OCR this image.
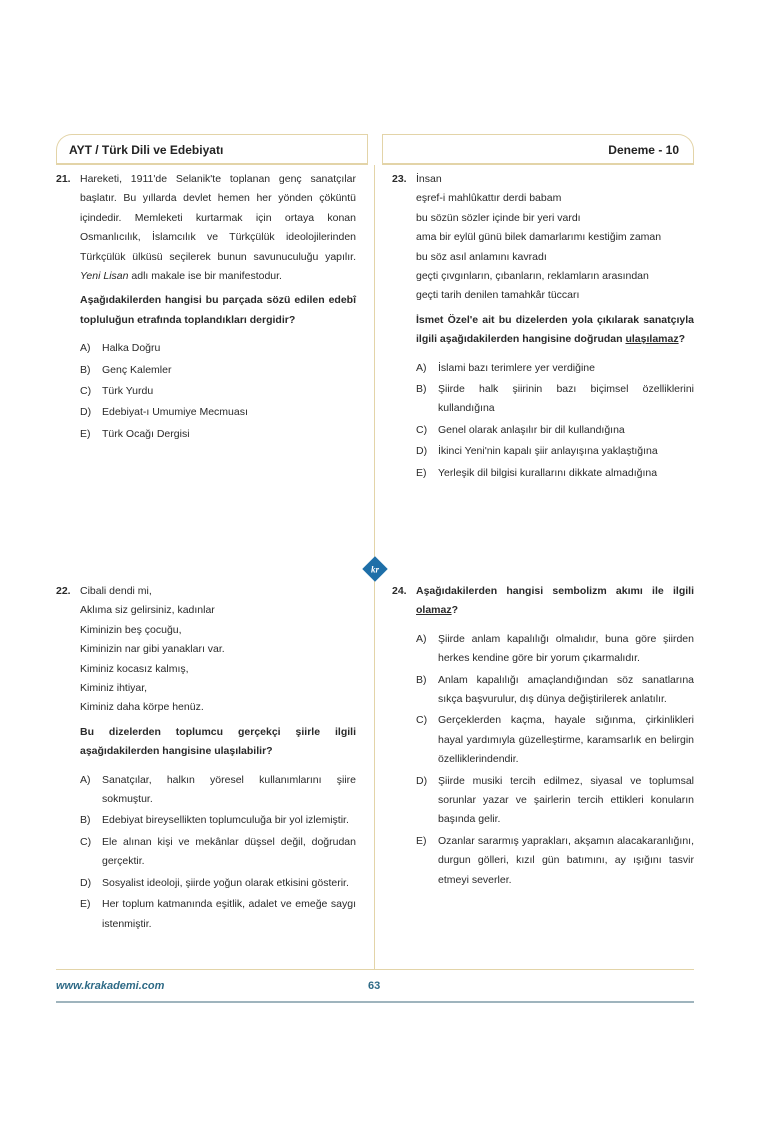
AYT / Türk Dili ve Edebiyatı	Deneme - 10
kr
21. Hareketi, 1911'de Selanik'te toplanan genç sanatçılar başlatır. Bu yıllarda devlet hemen her yönden çöküntü içindedir. Memleketi kurtarmak için ortaya konan Osmanlıcılık, İslamcılık ve Türkçülük ideolojilerinden Türkçülük ülküsü seçilerek bunun savunuculuğu yapılır. Yeni Lisan adlı makale ise bir manifestodur.
Aşağıdakilerden hangisi bu parçada sözü edilen edebî topluluğun etrafında toplandıkları dergidir?
A) Halka Doğru
B) Genç Kalemler
C) Türk Yurdu
D) Edebiyat-ı Umumiye Mecmuası
E) Türk Ocağı Dergisi
22. Cibali dendi mi,
Aklıma siz gelirsiniz, kadınlar
Kiminizin beş çocuğu,
Kiminizin nar gibi yanakları var.
Kiminiz kocasız kalmış,
Kiminiz ihtiyar,
Kiminiz daha körpe henüz.
Bu dizelerden toplumcu gerçekçi şiirle ilgili aşağıdakilerden hangisine ulaşılabilir?
A) Sanatçılar, halkın yöresel kullanımlarını şiire sokmuştur.
B) Edebiyat bireysellikten toplumculuğa bir yol izlemiştir.
C) Ele alınan kişi ve mekânlar düşsel değil, doğrudan gerçektir.
D) Sosyalist ideoloji, şiirde yoğun olarak etkisini gösterir.
E) Her toplum katmanında eşitlik, adalet ve emeğe saygı istenmiştir.
23. İnsan
eşref-i mahlûkattır derdi babam
bu sözün sözler içinde bir yeri vardı
ama bir eylül günü bilek damarlarımı kestiğim zaman
bu söz asıl anlamını kavradı
geçti çıvgınların, çıbanların, reklamların arasından
geçti tarih denilen tamahkâr tüccarı
İsmet Özel'e ait bu dizelerden yola çıkılarak sanatçıyla ilgili aşağıdakilerden hangisine doğrudan ulaşılamaz?
A) İslami bazı terimlere yer verdiğine
B) Şiirde halk şiirinin bazı biçimsel özelliklerini kullandığına
C) Genel olarak anlaşılır bir dil kullandığına
D) İkinci Yeni'nin kapalı şiir anlayışına yaklaştığına
E) Yerleşik dil bilgisi kurallarını dikkate almadığına
24. Aşağıdakilerden hangisi sembolizm akımı ile ilgili olamaz?
A) Şiirde anlam kapalılığı olmalıdır, buna göre şiirden herkes kendine göre bir yorum çıkarmalıdır.
B) Anlam kapalılığı amaçlandığından söz sanatlarına sıkça başvurulur, dış dünya değiştirilerek anlatılır.
C) Gerçeklerden kaçma, hayale sığınma, çirkinlikleri hayal yardımıyla güzelleştirme, karamsarlık en belirgin özelliklerindendir.
D) Şiirde musiki tercih edilmez, siyasal ve toplumsal sorunlar yazar ve şairlerin tercih ettikleri konuların başında gelir.
E) Ozanlar sararmış yaprakları, akşamın alacakaranlığını, durgun gölleri, kızıl gün batımını, ay ışığını tasvir etmeyi severler.
www.krakademi.com	63
